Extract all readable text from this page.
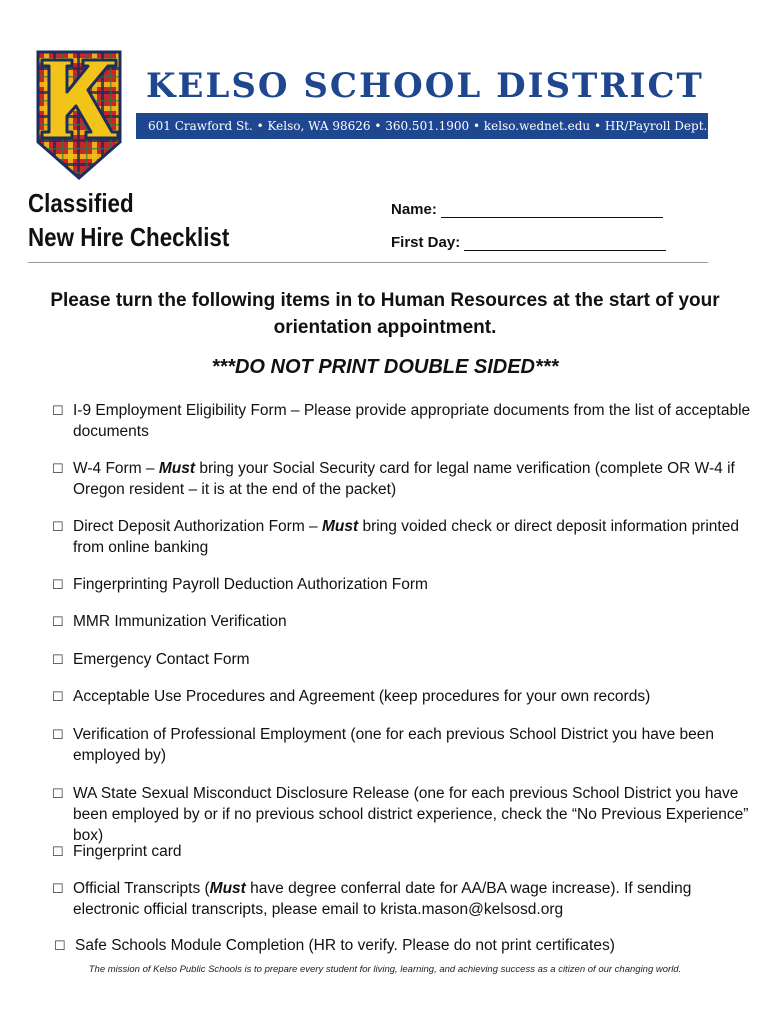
K
KELSO SCHOOL DISTRICT
601 Crawford St. • Kelso, WA 98626 • 360.501.1900 • kelso.wednet.edu • HR/Payroll Dept.
Classified
New Hire Checklist
Name:
First Day:
Please turn the following items in to Human Resources at the start of your
orientation appointment.
***DO NOT PRINT DOUBLE SIDED***
☐ I-9 Employment Eligibility Form – Please provide appropriate documents from the list of acceptable documents
☐ W-4 Form – Must bring your Social Security card for legal name verification (complete OR W-4 if Oregon resident – it is at the end of the packet)
☐ Direct Deposit Authorization Form – Must bring voided check or direct deposit information printed from online banking
☐ Fingerprinting Payroll Deduction Authorization Form
☐ MMR Immunization Verification
☐ Emergency Contact Form
☐ Acceptable Use Procedures and Agreement (keep procedures for your own records)
☐ Verification of Professional Employment (one for each previous School District you have been employed by)
☐ WA State Sexual Misconduct Disclosure Release (one for each previous School District you have been employed by or if no previous school district experience, check the “No Previous Experience” box)
☐ Fingerprint card
☐ Official Transcripts (Must have degree conferral date for AA/BA wage increase). If sending electronic official transcripts, please email to krista.mason@kelsosd.org
☐ Safe Schools Module Completion (HR to verify. Please do not print certificates)
The mission of Kelso Public Schools is to prepare every student for living, learning, and achieving success as a citizen of our changing world.
